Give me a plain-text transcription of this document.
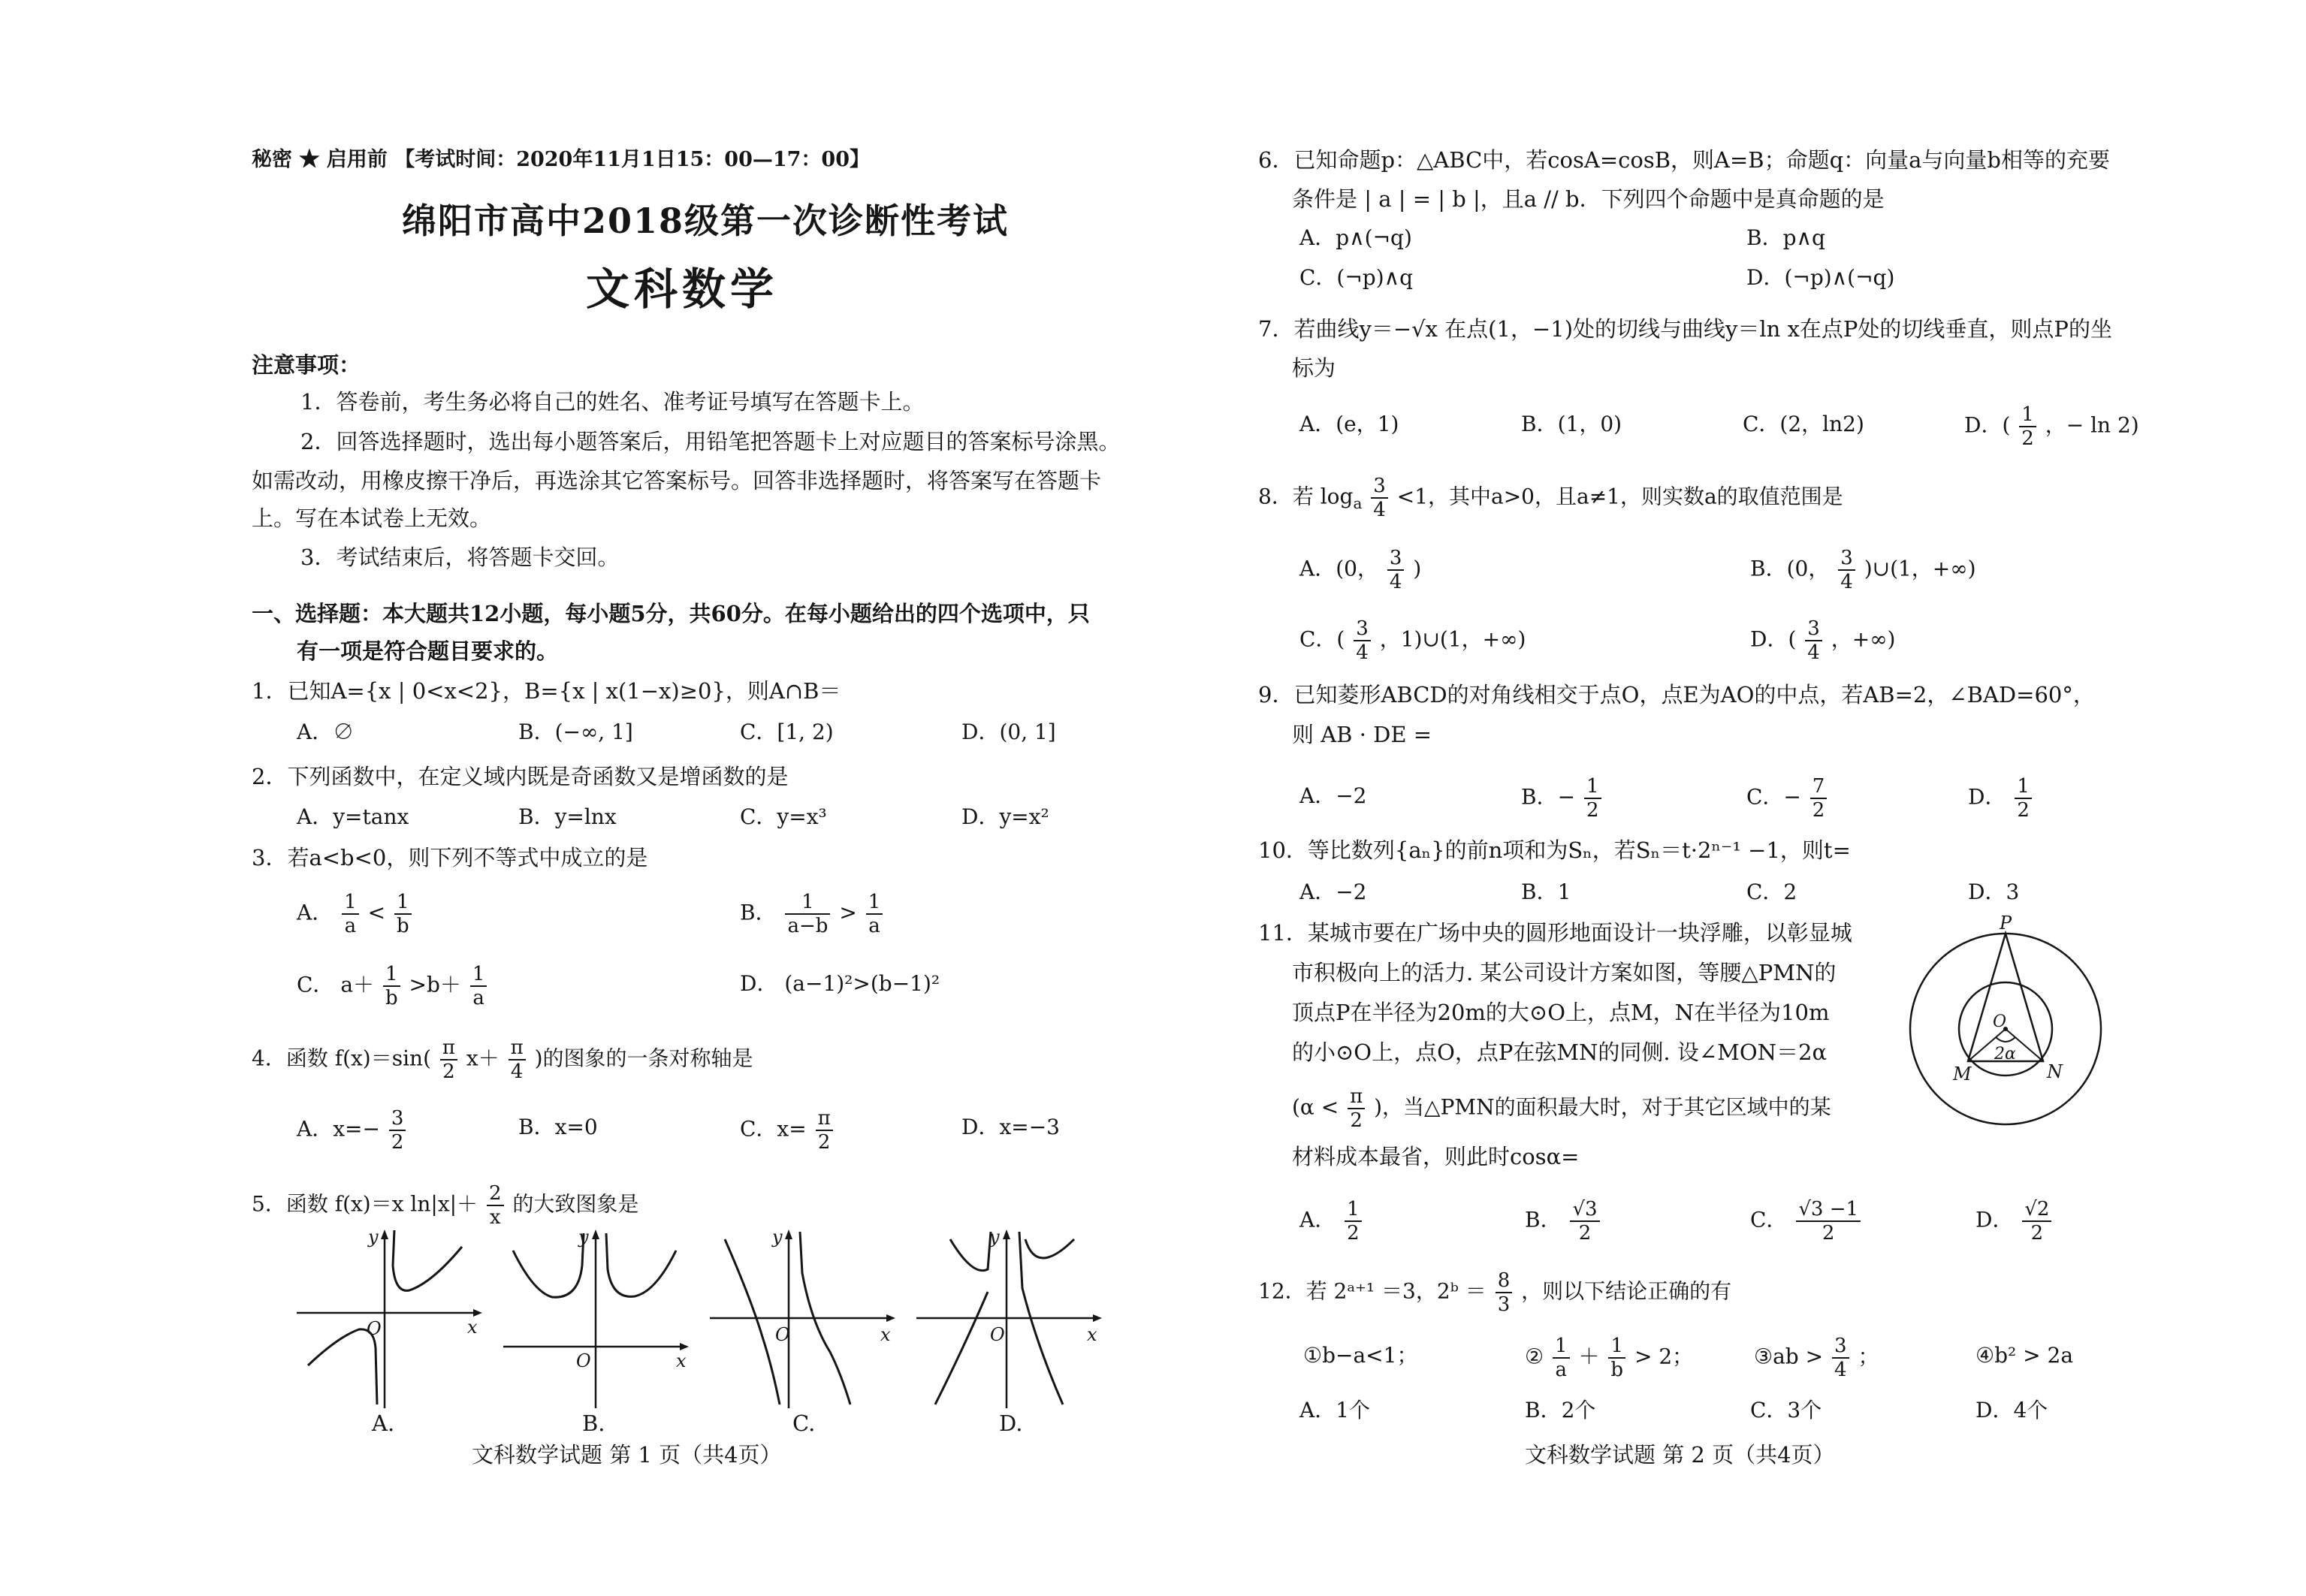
秘密 ★ 启用前 【考试时间：2020年11月1日15：00—17：00】
绵阳市高中2018级第一次诊断性考试
文科数学
注意事项：
1．答卷前，考生务必将自己的姓名、准考证号填写在答题卡上。
2．回答选择题时，选出每小题答案后，用铅笔把答题卡上对应题目的答案标号涂黑。
如需改动，用橡皮擦干净后，再选涂其它答案标号。回答非选择题时，将答案写在答题卡
上。写在本试卷上无效。
3．考试结束后，将答题卡交回。
一、选择题：本大题共12小题，每小题5分，共60分。在每小题给出的四个选项中，只
有一项是符合题目要求的。
1．已知A={x | 0<x<2}，B={x | x(1−x)≥0}，则A∩B＝
A．∅	B．(−∞, 1]	C．[1, 2)	D．(0, 1]
2．下列函数中，在定义域内既是奇函数又是增函数的是
A．y=tanx	B．y=lnx	C．y=x³	D．y=x²
3．若a<b<0，则下列不等式中成立的是
A． $\frac{1}{a} < \frac{1}{b}$	B． $\frac{1}{a-b} > \frac{1}{a}$
C． $a+ \frac{1}{b} >b+ \frac{1}{a}$	D． (a−1)²>(b−1)²
4．函数 $f(x)=\sin( \frac{\pi}{2} x+ \frac{\pi}{4}$ )的图象的一条对称轴是
A．$x=- \frac{3}{2}$	B．x=0	C．$x= \frac{\pi}{2}$	D．x=−3
5．函数 f(x)＝x $\ln|x|+ \frac{2}{x}$ 的大致图象是
y
x
O
A.
y
x
O
B.
y
x
O
C.
y
x
O
D.
文科数学试题 第 1 页（共4页）
6．已知命题p：△ABC中，若cosA=cosB，则A=B；命题q：向量a与向量b相等的充要
条件是 | a | = | b |，且a // b．下列四个命题中是真命题的是
A．p∧(¬q)	B．p∧q
C．(¬p)∧q	D．(¬p)∧(¬q)
7．若曲线y＝−√x 在点(1，−1)处的切线与曲线y＝ln x在点P处的切线垂直，则点P的坐
标为
A．(e，1)	B．(1，0)	C．(2，ln2)	D．( $\frac{1}{2}$ ，− ln 2)
8．若 $\log_a \frac{3}{4} <1$，其中a>0，且a≠1，则实数a的取值范围是
A．(0， $\frac{3}{4}$ )	B．(0， $\frac{3}{4}$ )∪(1，+∞)
C．( $\frac{3}{4}$ ，1)∪(1，+∞)	D．( $\frac{3}{4}$ ，+∞)
9．已知菱形ABCD的对角线相交于点O，点E为AO的中点，若AB=2，∠BAD=60°，
则 AB · DE =
A．−2	B．− $\frac{1}{2}$	C．− $\frac{7}{2}$	D． $\frac{1}{2}$
10．等比数列{aₙ}的前n项和为Sₙ，若Sₙ＝t·2ⁿ⁻¹ −1，则t=
A．−2	B．1	C．2	D．3
11．某城市要在广场中央的圆形地面设计一块浮雕，以彰显城
市积极向上的活力. 某公司设计方案如图，等腰△PMN的
顶点P在半径为20m的大⊙O上，点M，N在半径为10m
的小⊙O上，点O，点P在弦MN的同侧. 设∠MON＝2α
($\alpha < \frac{\pi}{2}$ )，当△PMN的面积最大时，对于其它区域中的某
材料成本最省，则此时cosα=
P
O
M	N
2α
A． $\frac{1}{2}$	B． $\frac{√3}{2}$	C． $\frac{√3 -1}{2}$	D． $\frac{√2}{2}$
12．若 2ᵃ⁺¹ ＝3，2ᵇ ＝ $\frac{8}{3}$ ，则以下结论正确的有
①b−a<1；	② $\frac{1}{a} + \frac{1}{b} > 2$；	③ab > $\frac{3}{4}$ ；	④b² > 2a
A．1个	B．2个	C．3个	D．4个
文科数学试题 第 2 页（共4页）
